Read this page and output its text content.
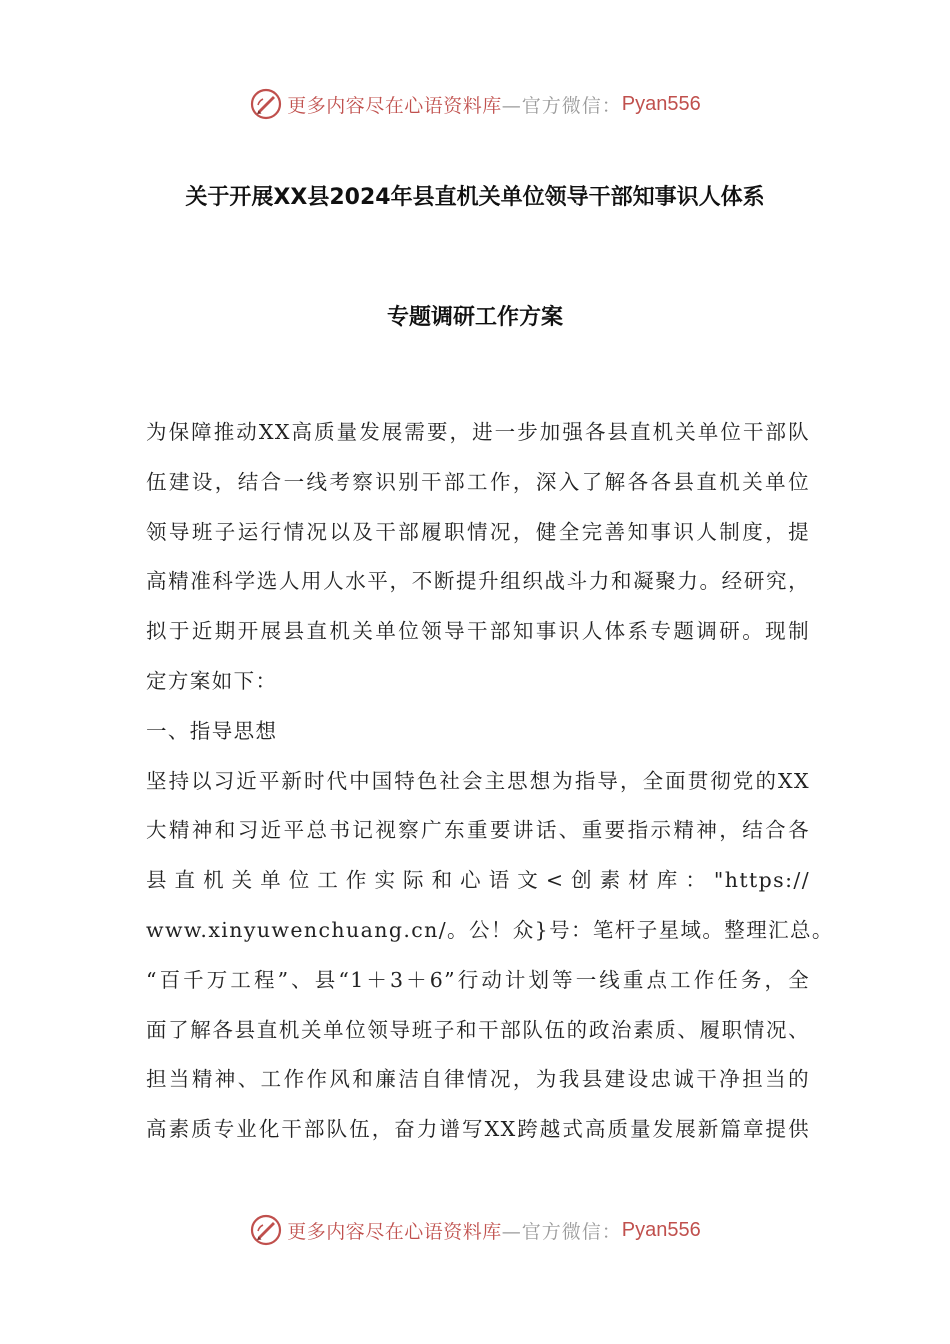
更多内容尽在心语资料库 —官方微信： Pyan556
关于开展XX县2024年县直机关单位领导干部知事识人体系
专题调研工作方案
为保障推动XX高质量发展需要，进一步加强各县直机关单位干部队
伍建设，结合一线考察识别干部工作，深入了解各各县直机关单位
领导班子运行情况以及干部履职情况，健全完善知事识人制度，提
高精准科学选人用人水平，不断提升组织战斗力和凝聚力。经研究，
拟于近期开展县直机关单位领导干部知事识人体系专题调研。现制
定方案如下：
一、指导思想
坚持以习近平新时代中国特色社会主思想为指导，全面贯彻党的XX
大精神和习近平总书记视察广东重要讲话、重要指示精神，结合各
县直机关单位工作实际和心语文<创素材库："https://
www.xinyuwenchuang.cn/。公！众}号：笔杆子星域。整理汇总。
“百千万工程”、县“1＋3＋6”行动计划等一线重点工作任务，全
面了解各县直机关单位领导班子和干部队伍的政治素质、履职情况、
担当精神、工作作风和廉洁自律情况，为我县建设忠诚干净担当的
高素质专业化干部队伍，奋力谱写XX跨越式高质量发展新篇章提供
更多内容尽在心语资料库 —官方微信： Pyan556
